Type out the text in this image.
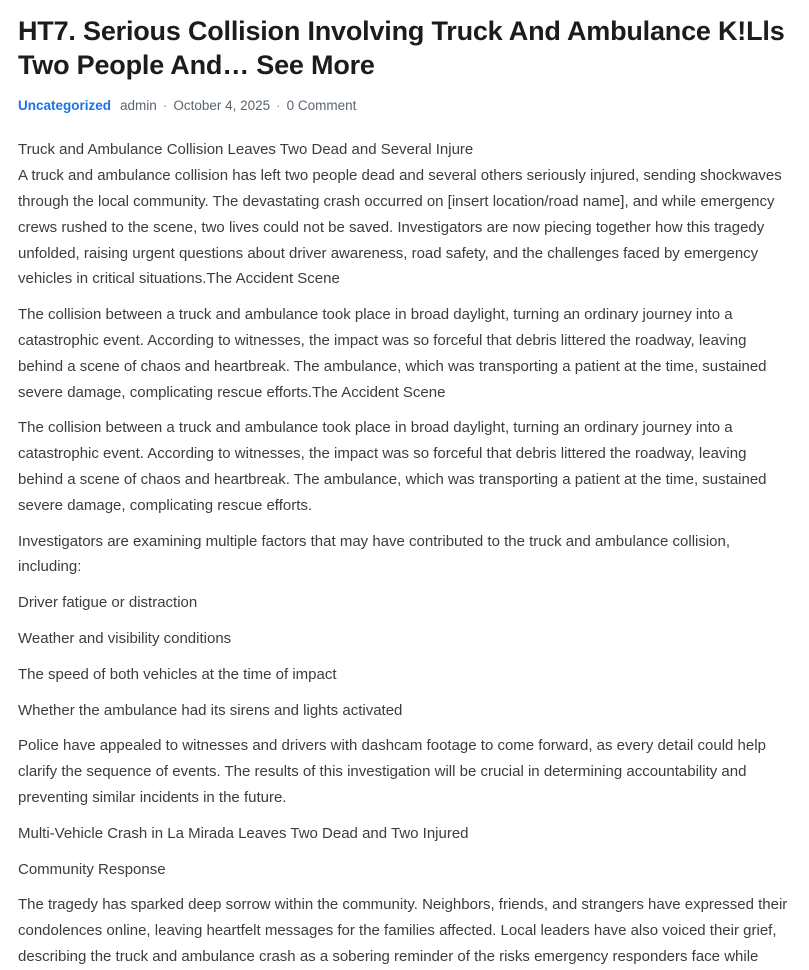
HT7. Serious Collision Involving Truck And Ambulance K!Lls Two People And… See More
Uncategorized admin · October 4, 2025 · 0 Comment

Truck and Ambulance Collision Leaves Two Dead and Several Injure

A truck and ambulance collision has left two people dead and several others seriously injured, sending shockwaves through the local community. The devastating crash occurred on [insert location/road name], and while emergency crews rushed to the scene, two lives could not be saved. Investigators are now piecing together how this tragedy unfolded, raising urgent questions about driver awareness, road safety, and the challenges faced by emergency vehicles in critical situations.The Accident Scene

The collision between a truck and ambulance took place in broad daylight, turning an ordinary journey into a catastrophic event. According to witnesses, the impact was so forceful that debris littered the roadway, leaving behind a scene of chaos and heartbreak. The ambulance, which was transporting a patient at the time, sustained severe damage, complicating rescue efforts.The Accident Scene

The collision between a truck and ambulance took place in broad daylight, turning an ordinary journey into a catastrophic event. According to witnesses, the impact was so forceful that debris littered the roadway, leaving behind a scene of chaos and heartbreak. The ambulance, which was transporting a patient at the time, sustained severe damage, complicating rescue efforts.

Investigators are examining multiple factors that may have contributed to the truck and ambulance collision, including:

Driver fatigue or distraction

Weather and visibility conditions

The speed of both vehicles at the time of impact

Whether the ambulance had its sirens and lights activated

Police have appealed to witnesses and drivers with dashcam footage to come forward, as every detail could help clarify the sequence of events. The results of this investigation will be crucial in determining accountability and preventing similar incidents in the future.

Multi-Vehicle Crash in La Mirada Leaves Two Dead and Two Injured

Community Response

The tragedy has sparked deep sorrow within the community. Neighbors, friends, and strangers have expressed their condolences online, leaving heartfelt messages for the families affected. Local leaders have also voiced their grief, describing the truck and ambulance crash as a sobering reminder of the risks emergency responders face while
